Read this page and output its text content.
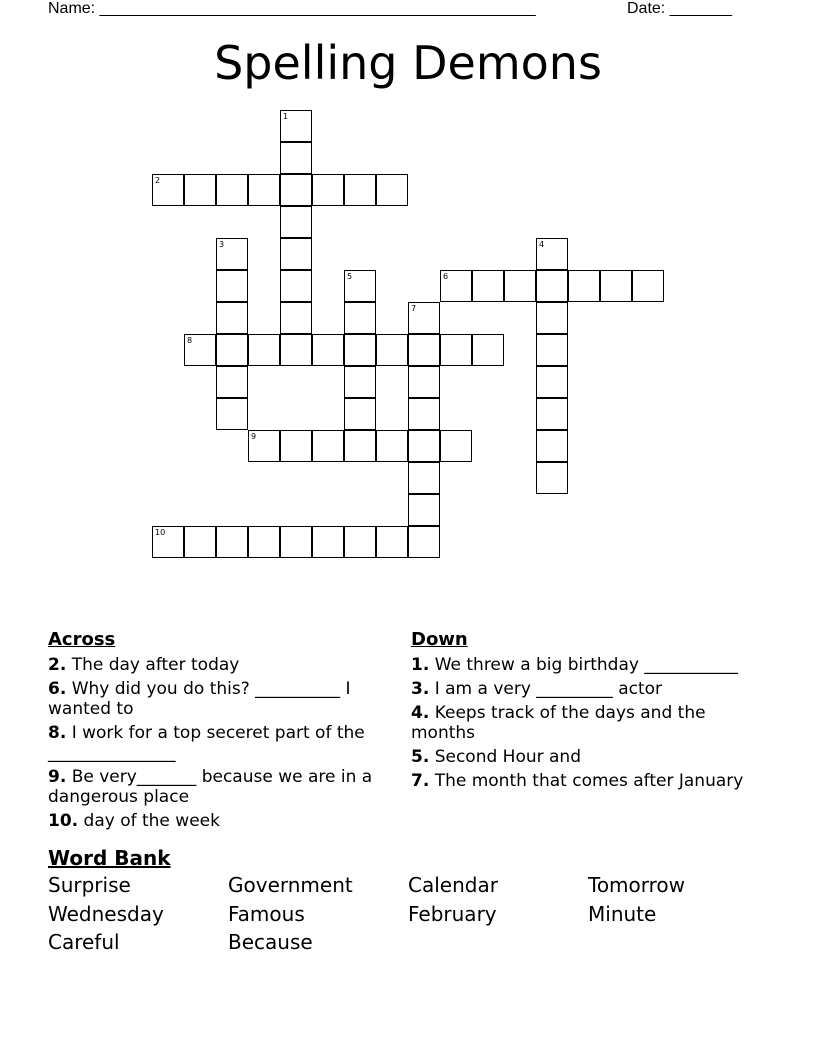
Name: _________________________________________________	Date: _______
Spelling Demons
1
2
3	4
5	6
7
8
9
10
Across
2. The day after today
6. Why did you do this? __________ I wanted to
8. I work for a top seceret part of the _______________
9. Be very_______ because we are in a dangerous place
10. day of the week
Down
1. We threw a big birthday ___________
3. I am a very _________ actor
4. Keeps track of the days and the months
5. Second Hour and
7. The month that comes after January
Word Bank
Surprise	Government	Calendar	Tomorrow
Wednesday	Famous	February	Minute
Careful	Because
